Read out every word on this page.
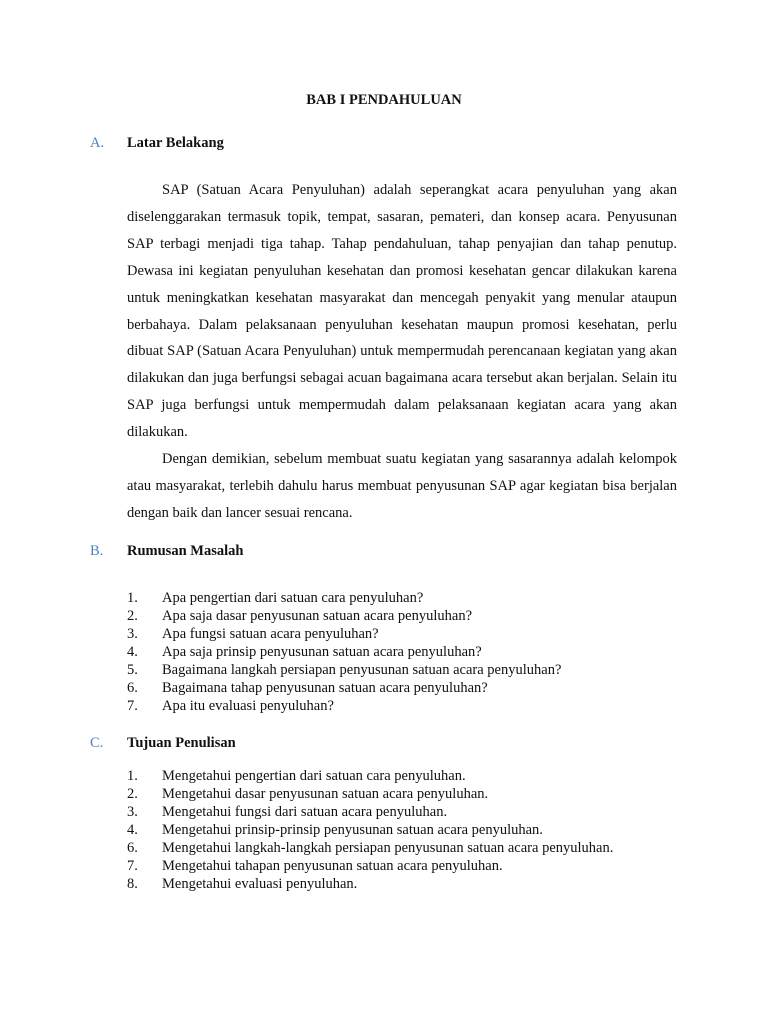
BAB I PENDAHULUAN
A. Latar Belakang

SAP (Satuan Acara Penyuluhan) adalah seperangkat acara penyuluhan yang akan diselenggarakan termasuk topik, tempat, sasaran, pemateri, dan konsep acara. Penyusunan SAP terbagi menjadi tiga tahap. Tahap pendahuluan, tahap penyajian dan tahap penutup. Dewasa ini kegiatan penyuluhan kesehatan dan promosi kesehatan gencar dilakukan karena untuk meningkatkan kesehatan masyarakat dan mencegah penyakit yang menular ataupun berbahaya. Dalam pelaksanaan penyuluhan kesehatan maupun promosi kesehatan, perlu dibuat SAP (Satuan Acara Penyuluhan) untuk mempermudah perencanaan kegiatan yang akan dilakukan dan juga berfungsi sebagai acuan bagaimana acara tersebut akan berjalan. Selain itu SAP juga berfungsi untuk mempermudah dalam pelaksanaan kegiatan acara yang akan dilakukan.

Dengan demikian, sebelum membuat suatu kegiatan yang sasarannya adalah kelompok atau masyarakat, terlebih dahulu harus membuat penyusunan SAP agar kegiatan bisa berjalan dengan baik dan lancer sesuai rencana.

B. Rumusan Masalah
1.	Apa pengertian dari satuan cara penyuluhan?
2.	Apa saja dasar penyusunan satuan acara penyuluhan?
3.	Apa fungsi satuan acara penyuluhan?
4.	Apa saja prinsip penyusunan satuan acara penyuluhan?
5.	Bagaimana langkah persiapan penyusunan satuan acara penyuluhan?
6.	Bagaimana tahap penyusunan satuan acara penyuluhan?
7.	Apa itu evaluasi penyuluhan?
C. Tujuan Penulisan
1.	Mengetahui pengertian dari satuan cara penyuluhan.
2.	Mengetahui dasar penyusunan satuan acara penyuluhan.
3.	Mengetahui fungsi dari satuan acara penyuluhan.
4.	Mengetahui prinsip-prinsip penyusunan satuan acara penyuluhan.
6.	Mengetahui langkah-langkah persiapan penyusunan satuan acara penyuluhan.
7.	Mengetahui tahapan penyusunan satuan acara penyuluhan.
8.	Mengetahui evaluasi penyuluhan.
